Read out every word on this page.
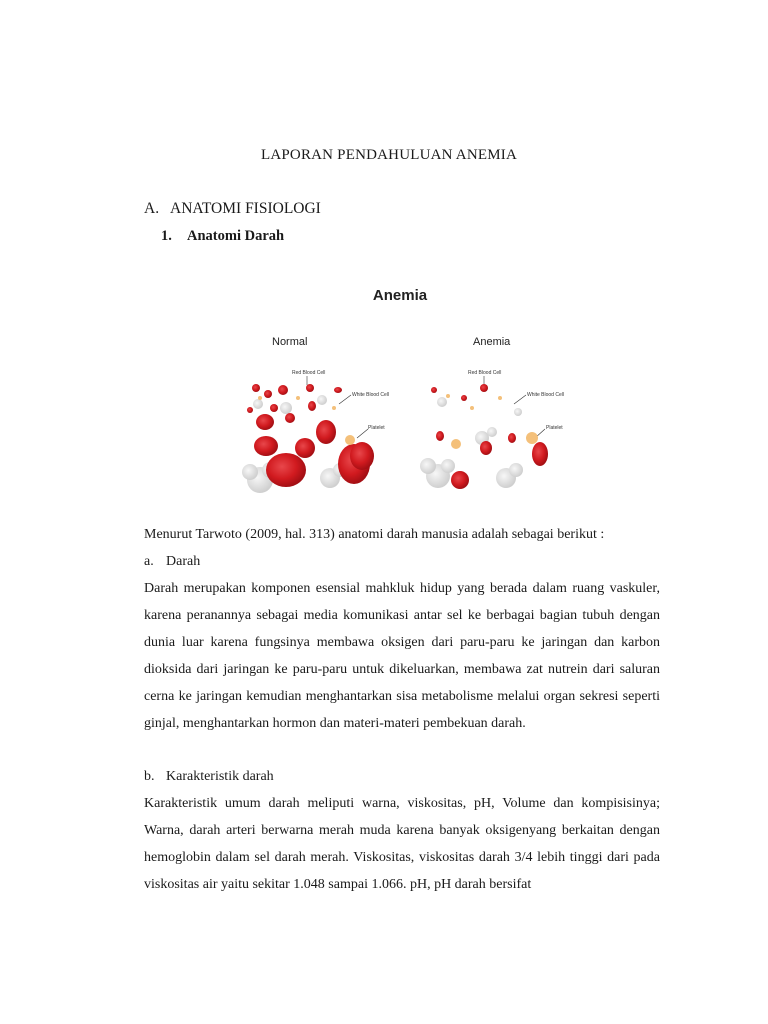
LAPORAN PENDAHULUAN ANEMIA
A. ANATOMI FISIOLOGI
1. Anatomi Darah
Anemia
Normal	Anemia
Red Blood Cell
White Blood Cell
Platelet
Red Blood Cell
White Blood Cell
Platelet
Menurut Tarwoto (2009, hal. 313) anatomi darah manusia adalah sebagai berikut :
a. Darah
Darah merupakan komponen esensial mahkluk hidup yang berada dalam ruang vaskuler, karena peranannya sebagai media komunikasi antar sel ke berbagai bagian tubuh dengan dunia luar karena fungsinya membawa oksigen dari paru-paru ke jaringan dan karbon dioksida dari jaringan ke paru-paru untuk dikeluarkan, membawa zat nutrein dari saluran cerna ke jaringan kemudian menghantarkan sisa metabolisme melalui organ sekresi seperti ginjal, menghantarkan hormon dan materi-materi pembekuan darah.
b. Karakteristik darah
Karakteristik umum darah meliputi warna, viskositas, pH, Volume dan kompisisinya; Warna, darah arteri berwarna merah muda karena banyak oksigenyang berkaitan dengan hemoglobin dalam sel darah merah. Viskositas, viskositas darah 3/4 lebih tinggi dari pada viskositas air yaitu sekitar 1.048 sampai 1.066. pH, pH darah bersifat
